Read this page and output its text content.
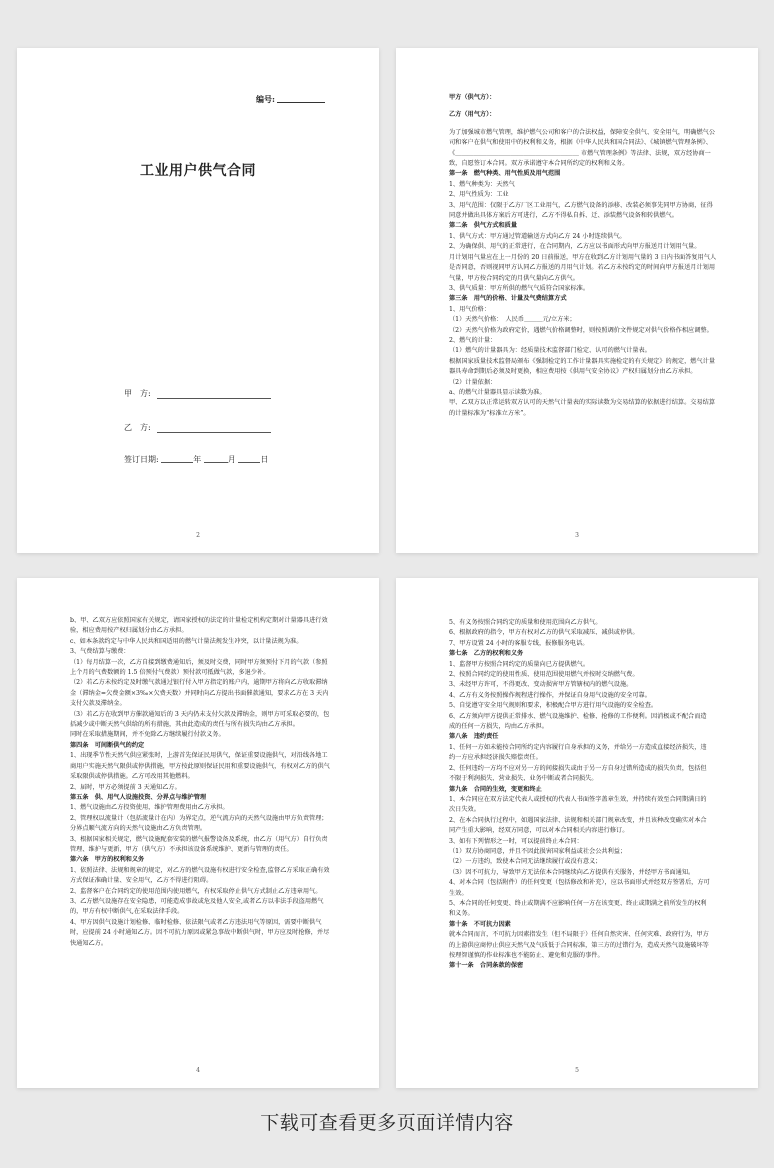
编号:
工业用户供气合同
甲　方:
乙　方:
签订日期:	年	月	日
2

甲方（供气方）：

乙方（用气方）：

为了加强城市燃气管理，维护燃气公司和客户的合法权益，保障安全供气、安全用气，明确燃气公司和客户在供气和使用中的权利和义务，根据《中华人民共和国合同法》、《城镇燃气管理条例》、《＿＿＿＿＿＿＿＿＿＿＿＿＿＿＿＿＿＿＿＿ 市燃气管理条例》等法律、法规，双方经协商一致，自愿签订本合同。双方承诺遵守本合同所约定的权利和义务。

第一条　燃气种类、用气性质及用气范围

1、燃气种类为：天然气

2、用气性质为：工业

3、用气范围：仅限于乙方厂区工业用气，乙方燃气设备的添移、改装必须事先同甲方协商，征得同意并做出具体方案后方可进行，乙方不得私自拆、迁、添装燃气设备和转供燃气。

第二条　供气方式和质量

1、供气方式：甲方通过管道输送方式向乙方 24 小时连续供气。

2、为确保供、用气的正常进行，在合同期内，乙方应以书面形式向甲方报送月计划用气量。

月计划用气量应在上一月份的 20 日前报送，甲方在收到乙方计划用气量的 3 日内书面答复用气人是否同意，否则视同甲方认同乙方报送的月用气计划。若乙方未按约定的时间向甲方报送月计划用气量，甲方按合同约定的月供气量向乙方供气。

3、供气质量：甲方所供的燃气气质符合国家标准。

第三条　用气的价格、计量及气费结算方式

1、用气价格：

（1）天然气价格：　人民币＿＿＿元/立方米；

（2）天然气价格为政府定价，遇燃气价格调整时，则按照调价文件规定对供气价格作相应调整。

2、燃气的计量：

（1）燃气的计量器具为：经质量技术监督部门检定、认可的燃气计量表。

根据国家质量技术监督局颁布《强制检定的工作计量器具实施检定的有关规定》的规定，燃气计量器具寿命到期后必须及时更换，相应费用按《供用气安全协议》产权归属划分由乙方承担。

（2）计量依据：

a、的燃气计量器具显示读数为准。

甲、乙双方以正常运转双方认可的天然气计量表的实际读数为交易结算的依据进行结算。交易结算的计量标准为“标准立方米”。

3

b、甲、乙双方应依照国家有关规定，请国家授权的法定的计量检定机构定期对计量器具进行效验，相应费用按产权归属划分由乙方承担。

c、如本条款约定与中华人民共和国适用的燃气计量法规发生冲突，以计量法规为准。

3、气费结算与缴费：

（1）每月结算一次，乙方自接到缴费通知后，须及时交费，同时甲方须预付下月的气款（参照上个月的气费数额的 1.5 倍预付气费款）预付款可抵做气款，多退少补。

（2）若乙方未按约定及时缴气款通过银行付入甲方指定的账户内，逾期甲方将向乙方收取滞纳金（滞纳金=欠费金额×3‰×欠费天数）并同时向乙方提出书面催款通知，要求乙方在 3 天内支付欠款及滞纳金。

（3）若乙方在收到甲方催款通知后的 3 天内仍未支付欠款及滞纳金，则甲方可采取必要的，包括减少或中断天然气供给的所有措施，其由此造成的责任与所有损失均由乙方承担。

同时在采取措施期间，并不免除乙方继续履行付款义务。

第四条　可间断供气的约定

1、出现季节性天然气供应紧张时，上游首先保证民用供气，保证重要设施供气，对沿线各地工商用户实施天然气限供或停供措施，甲方按此原则保证民用和重要设施供气，有权对乙方的供气采取限供或停供措施。乙方可改用其他燃料。

2、届时，甲方必须提前 3 天通知乙方。

第五条　供、用气人设施投资、分界点与维护管理

1、燃气设施由乙方投资使用，维护管理费用由乙方承担。

2、管理权以流量计（包括流量计在内）为界定点，逆气流方向的天然气设施由甲方负责管理；分界点顺气流方向的天然气设施由乙方负责管理。

3、根据国家相关规定，燃气设施配套安装的燃气报警设备及系统，由乙方（用气方）自行负责管理、维护与更新，甲方（供气方）不承担该设备系统维护、更新与管理的责任。

第六条　甲方的权利和义务

1、依照法律、法规和规章的规定，对乙方的燃气设施有权进行安全检查,监督乙方采取正确有效方式保证准确计量、安全用气，乙方不得进行阻碍。

2、监督客户在合同约定的使用范围内使用燃气，有权采取停止供气方式制止乙方违章用气。

3、乙方燃气设施存在安全隐患，可能造成事故或危及他人安全,或者乙方以非法手段盗用燃气的，甲方有权中断供气,在采取法律手段。

4、甲方因供气设施计划检修、临时检修、依法限气或者乙方违法用气等原因，需要中断供气时，应提前 24 小时通知乙方。因不可抗力原因或紧急事故中断供气时，甲方应及时抢修，并尽快通知乙方。

4

5、有义务按照合同约定的质量和使用范围向乙方供气。

6、根据政府的指令，甲方有权对乙方的供气采取减压、减供或停供。

7、甲方设置 24 小时的客服专线，报修服务电话。

第七条　乙方的权利和义务

1、监督甲方按照合同约定的质量向已方提供燃气。

2、按照合同约定的使用性质、使用范围使用燃气并按时交纳燃气费。

3、未经甲方许可，不得更改、变动损害甲方管辖权内的燃气设施。

4、乙方有义务按照操作规程进行操作，并保证自身用气设施的安全可靠。

5、自觉遵守安全用气规则和要求，积极配合甲方进行用气设施的安全检查。

6、乙方须向甲方提供正常排水、燃气设施维护、检修、抢修的工作便利。因消极或不配合而造成的任何一方损失，均由乙方承担。

第八条　违约责任

1、任何一方如未能按合同所约定内容履行自身承担的义务，并给另一方造成直接经济损失，违约一方应承担经济损失赔偿责任。

2、任何违约一方均不应对另一方的间接损失或由于另一方自身过错所造成的损失负责，包括但不限于利润损失、营业损失、业务中断或者合同损失。

第九条　合同的生效，变更和终止

1、本合同应在双方法定代表人或授权的代表人书面签字盖章生效，并持续有效至合同期满日的次日失效。

2、在本合同执行过程中，如遇国家法律、法规和相关部门规章改变，并且该种改变确实对本合同产生重大影响，经双方同意，可以对本合同相关内容进行修订。

3、如有下列情形之一时，可以提前终止本合同：

（1）双方协商同意，并且不因此损害国家利益或社会公共利益；

（2）一方违约，致使本合同无法继续履行或没有意义；

（3）因不可抗力，导致甲方无法依本合同继续向乙方提供有关服务，并经甲方书面通知。

4、对本合同（包括附件）的任何变更（包括修改和补充），应以书面形式并经双方签署后，方可生效。

5、本合同的任何变更、终止或期满不应影响任何一方在该变更、终止或期满之前所发生的权利和义务。

第十条　不可抗力因素

就本合同而言，不可抗力因素指发生（但不局限于）任何自然灾害、任何灾难、政府行为，甲方的上游供应商停止供应天然气及气质低于合同标准，第三方的过错行为，造成天然气设施破坏等按理智谨慎的作业标准也不能防止、避免和克服的事件。

第十一条　合同条款的保密

5
下载可查看更多页面详情内容
